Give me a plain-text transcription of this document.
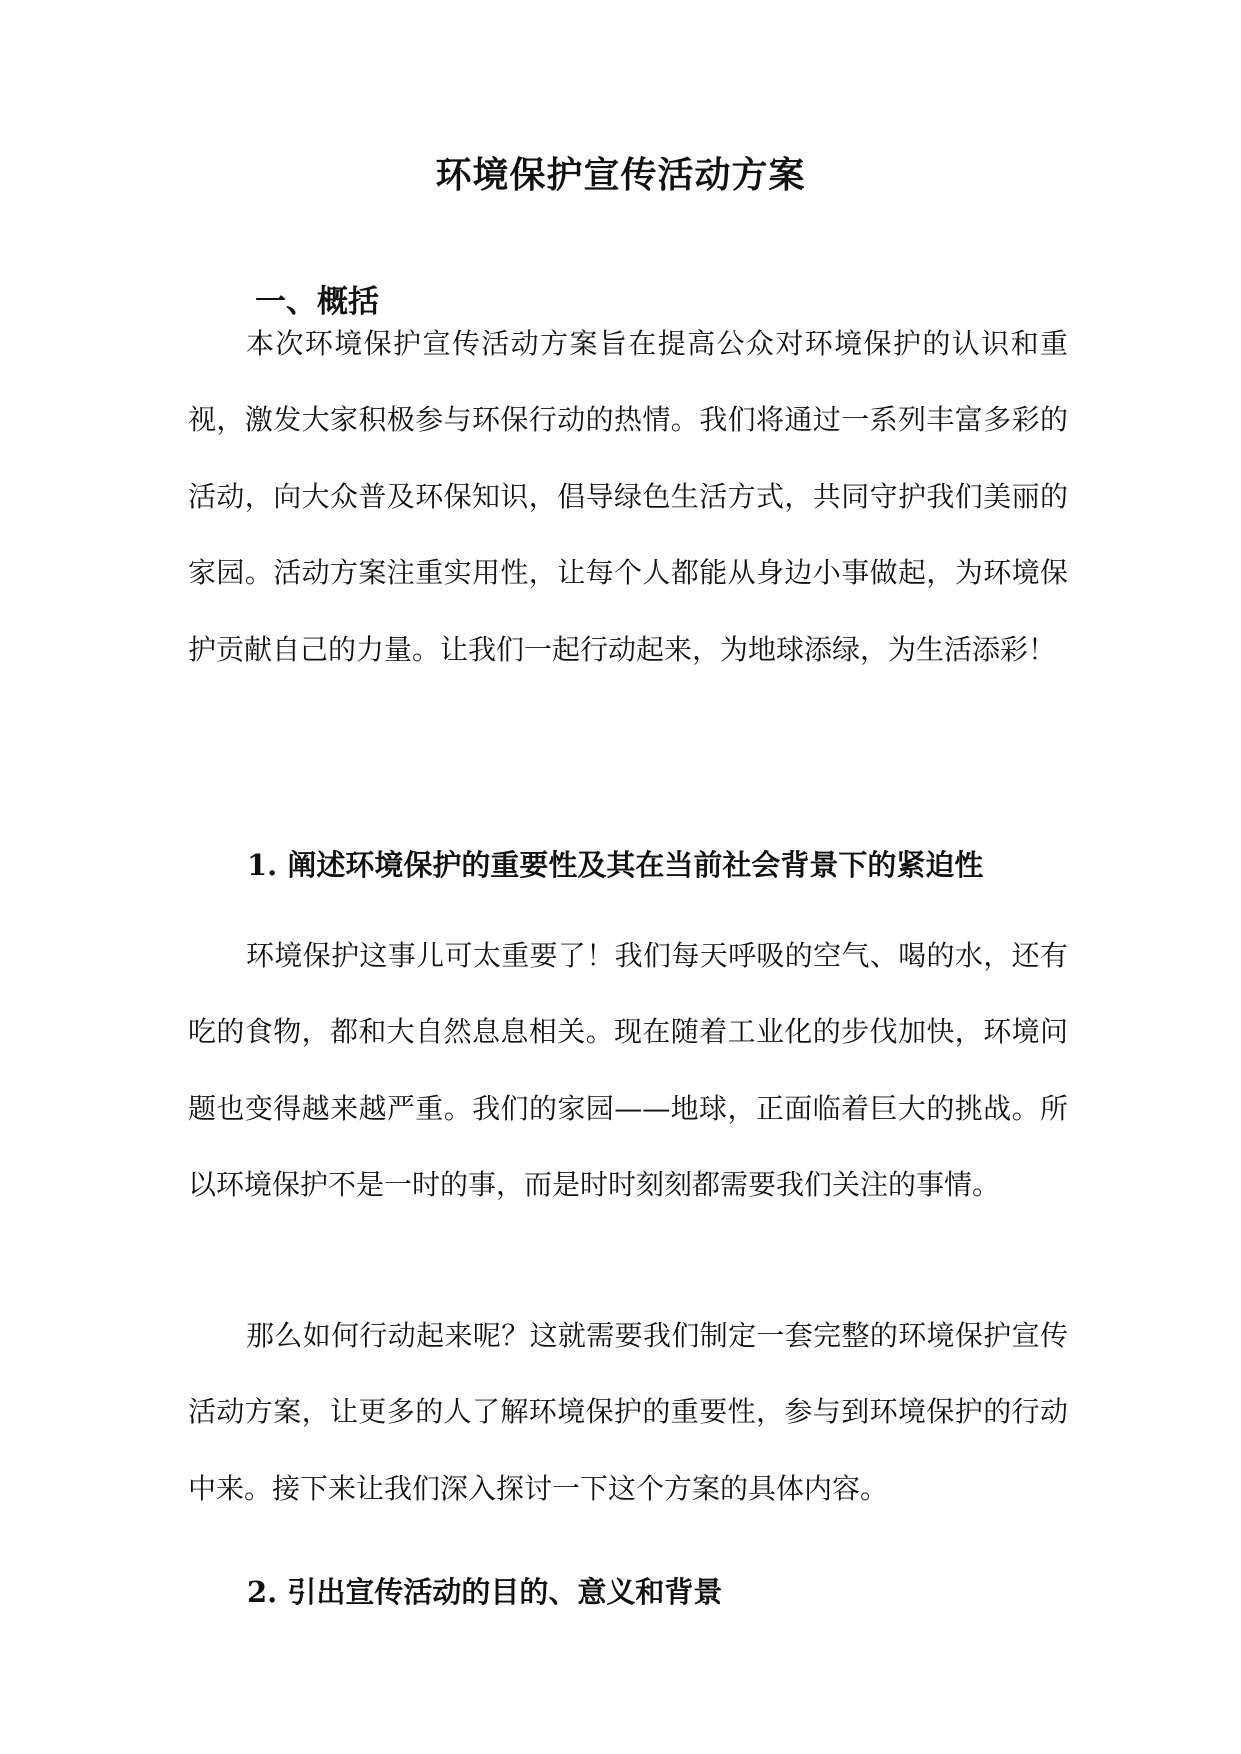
环境保护宣传活动方案
一、概括

本次环境保护宣传活动方案旨在提高公众对环境保护的认识和重视，激发大家积极参与环保行动的热情。我们将通过一系列丰富多彩的活动，向大众普及环保知识，倡导绿色生活方式，共同守护我们美丽的家园。活动方案注重实用性，让每个人都能从身边小事做起，为环境保护贡献自己的力量。让我们一起行动起来，为地球添绿，为生活添彩！

1. 阐述环境保护的重要性及其在当前社会背景下的紧迫性

环境保护这事儿可太重要了！我们每天呼吸的空气、喝的水，还有吃的食物，都和大自然息息相关。现在随着工业化的步伐加快，环境问题也变得越来越严重。我们的家园——地球，正面临着巨大的挑战。所以环境保护不是一时的事，而是时时刻刻都需要我们关注的事情。

那么如何行动起来呢？这就需要我们制定一套完整的环境保护宣传活动方案，让更多的人了解环境保护的重要性，参与到环境保护的行动中来。接下来让我们深入探讨一下这个方案的具体内容。

2. 引出宣传活动的目的、意义和背景
